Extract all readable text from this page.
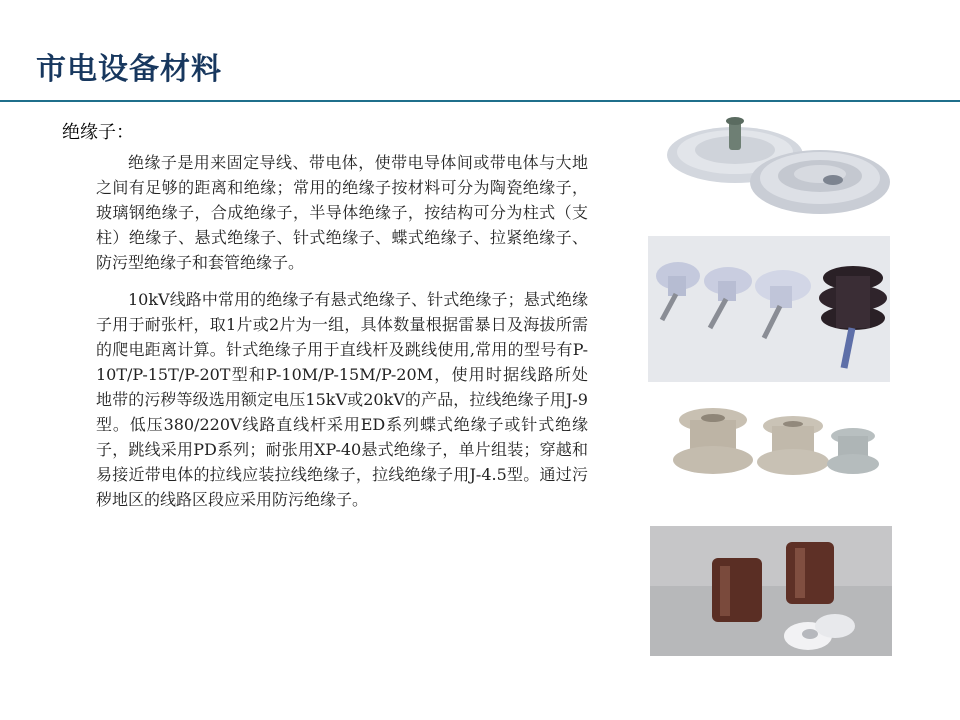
市电设备材料
绝缘子：

绝缘子是用来固定导线、带电体，使带电导体间或带电体与大地之间有足够的距离和绝缘；常用的绝缘子按材料可分为陶瓷绝缘子，玻璃钢绝缘子，合成绝缘子，半导体绝缘子，按结构可分为柱式（支柱）绝缘子、悬式绝缘子、针式绝缘子、蝶式绝缘子、拉紧绝缘子、防污型绝缘子和套管绝缘子。

10kV线路中常用的绝缘子有悬式绝缘子、针式绝缘子；悬式绝缘子用于耐张杆，取1片或2片为一组，具体数量根据雷暴日及海拔所需的爬电距离计算。针式绝缘子用于直线杆及跳线使用,常用的型号有P-10T/P-15T/P-20T型和P-10M/P-15M/P-20M，使用时据线路所处地带的污秽等级选用额定电压15kV或20kV的产品，拉线绝缘子用J-9型。低压380/220V线路直线杆采用ED系列蝶式绝缘子或针式绝缘子，跳线采用PD系列；耐张用XP-40悬式绝缘子，单片组装；穿越和易接近带电体的拉线应装拉线绝缘子，拉线绝缘子用J-4.5型。通过污秽地区的线路区段应采用防污绝缘子。
